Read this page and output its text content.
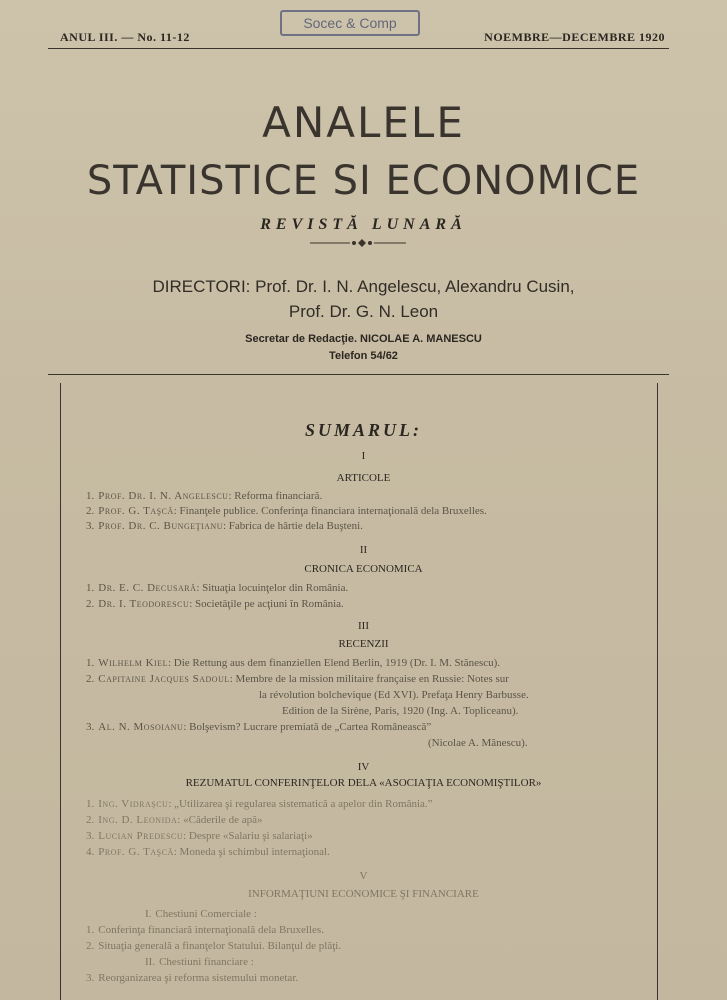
Socec & Comp
ANUL III. — No. 11-12	NOEMBRE—DECEMBRE 1920
ANALELE
STATISTICE SI ECONOMICE
REVISTĂ LUNARĂ
DIRECTORI: Prof. Dr. I. N. Angelescu, Alexandru Cusin,
Prof. Dr. G. N. Leon
Secretar de Redacţie. NICOLAE A. MANESCU
Telefon 54/62
SUMARUL:
I
ARTICOLE
1. Prof. Dr. I. N. Angelescu: Reforma financiară.
2. Prof. G. Taşcă: Finanţele publice. Conferinţa financiara internaţională dela Bruxelles.
3. Prof. Dr. C. Bungeţianu: Fabrica de hârtie dela Buşteni.
II
CRONICA ECONOMICA
1. Dr. E. C. Decusară: Situaţia locuinţelor din România.
2. Dr. I. Teodorescu: Societăţile pe acţiuni în România.
III
RECENZII
1. Wilhelm Kiel: Die Rettung aus dem finanziellen Elend Berlin, 1919 (Dr. I. M. Stănescu).
2. Capitaine Jacques Sadoul: Membre de la mission militaire française en Russie: Notes sur
la révolution bolchevique (Ed XVI). Prefaţa Henry Barbusse.
Edition de la Sirène, Paris, 1920 (Ing. A. Topliceanu).
3. Al. N. Mosoianu: Bolşevism? Lucrare premiată de „Cartea Românească”
(Nicolae A. Mănescu).
IV
REZUMATUL CONFERINŢELOR DELA «ASOCIAŢIA ECONOMIŞTILOR»
1. Ing. Vidrașcu: „Utilizarea şi regularea sistematică a apelor din România.”
2. Ing. D. Leonida: «Căderile de apă»
3. Lucian Predescu: Despre «Salariu şi salariaţi»
4. Prof. G. Taşcă: Moneda şi schimbul internaţional.
V
INFORMAŢIUNI ECONOMICE ŞI FINANCIARE
I. Chestiuni Comerciale :
1. Conferinţa financiară internaţională dela Bruxelles.
2. Situaţia generală a finanţelor Statului. Bilanţul de plăţi.
II. Chestiuni financiare :
3. Reorganizarea şi reforma sistemului monetar.
